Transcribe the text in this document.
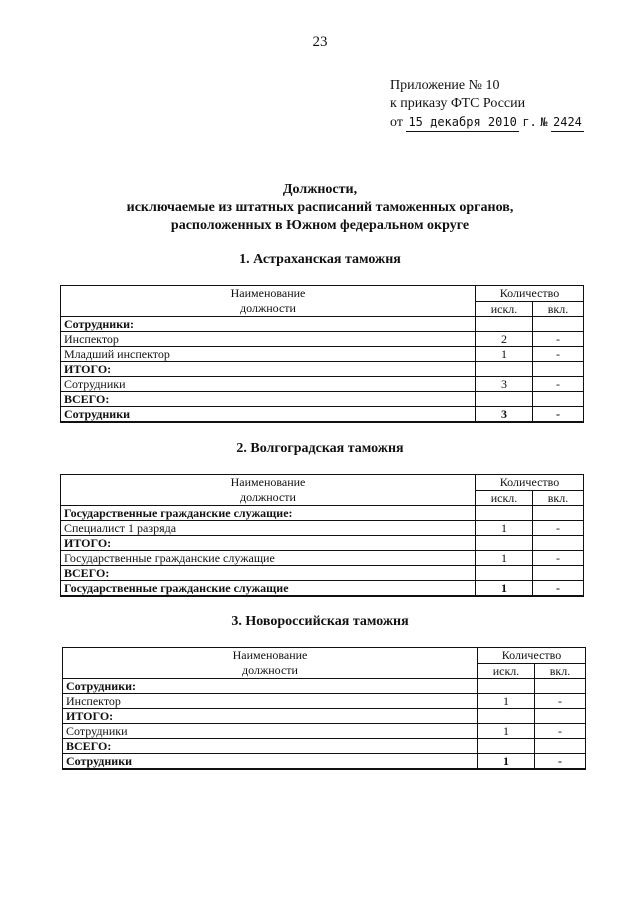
23
Приложение № 10
к приказу ФТС России
от 15 декабря 2010 г. № 2424
Должности,
исключаемые из штатных расписаний таможенных органов,
расположенных в Южном федеральном округе
1. Астраханская таможня
Наименование
должности	Количество	
	искл.	вкл.
Сотрудники:		
Инспектор	2	-
Младший инспектор	1	-
ИТОГО:		
Сотрудники	3	-
ВСЕГО:		
Сотрудники	3	-
2. Волгоградская таможня
Наименование
должности	Количество	
	искл.	вкл.
Государственные гражданские служащие:		
Специалист 1 разряда	1	-
ИТОГО:		
Государственные гражданские служащие	1	-
ВСЕГО:		
Государственные гражданские служащие	1	-
3. Новороссийская таможня
Наименование
должности	Количество	
	искл.	вкл.
Сотрудники:		
Инспектор	1	-
ИТОГО:		
Сотрудники	1	-
ВСЕГО:		
Сотрудники	1	-
